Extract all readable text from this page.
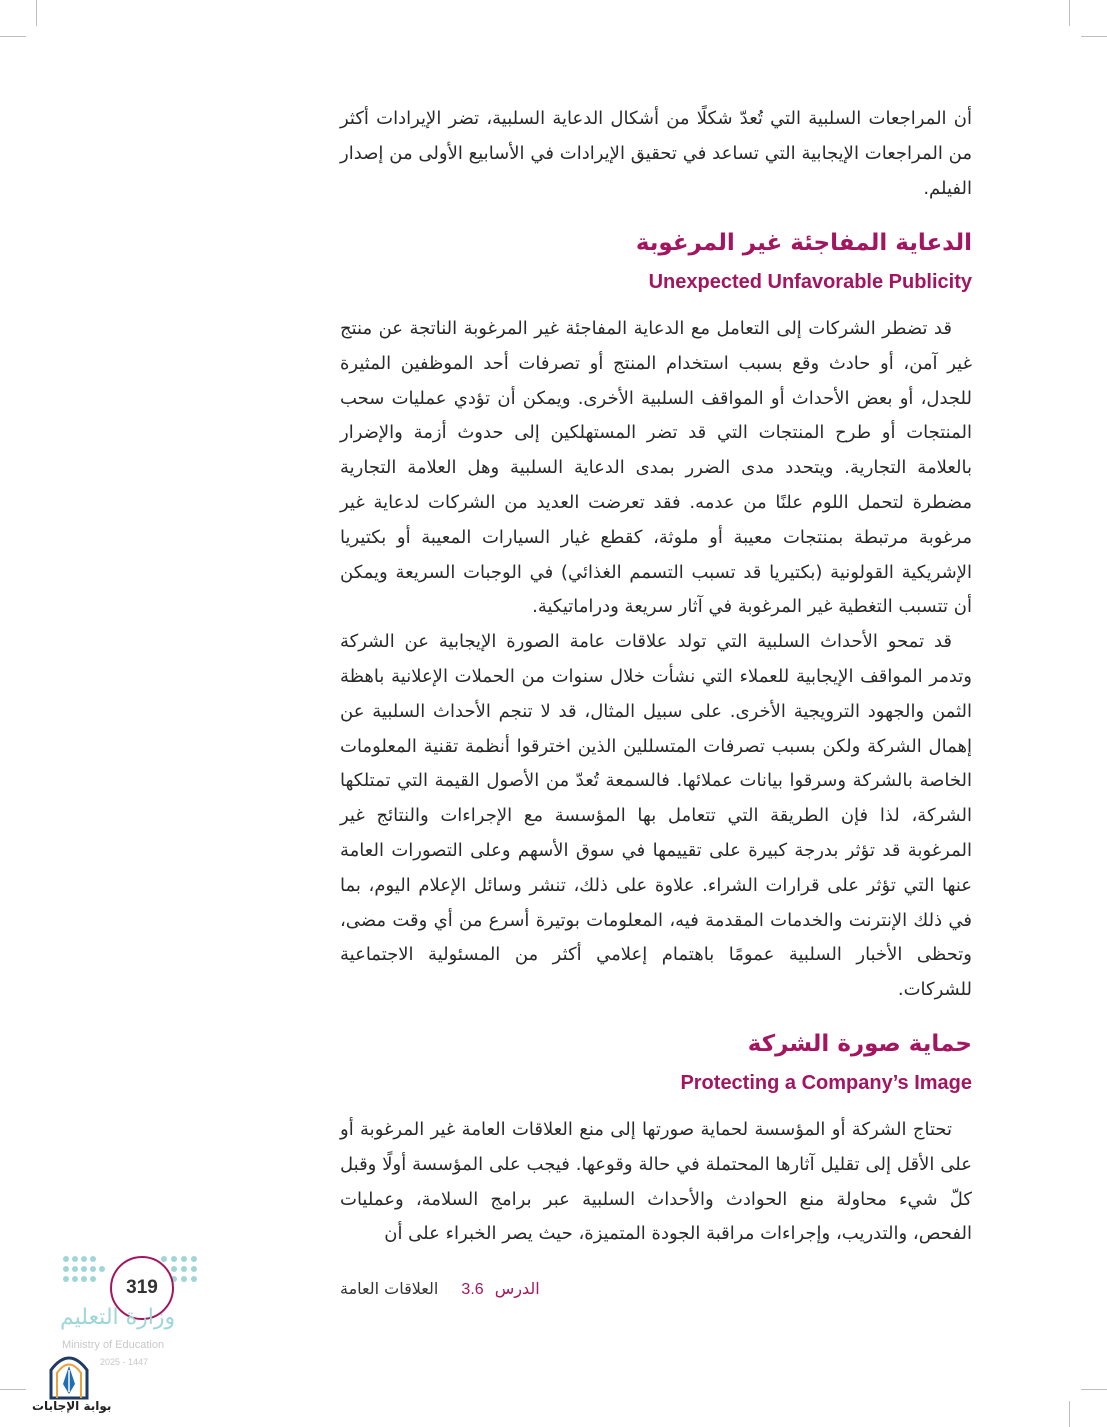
أن المراجعات السلبية التي تُعدّ شكلًا من أشكال الدعاية السلبية، تضر الإيرادات أكثر من المراجعات الإيجابية التي تساعد في تحقيق الإيرادات في الأسابيع الأولى من إصدار الفيلم.

الدعاية المفاجئة غير المرغوبة
Unexpected Unfavorable Publicity

قد تضطر الشركات إلى التعامل مع الدعاية المفاجئة غير المرغوبة الناتجة عن منتج غير آمن، أو حادث وقع بسبب استخدام المنتج أو تصرفات أحد الموظفين المثيرة للجدل، أو بعض الأحداث أو المواقف السلبية الأخرى. ويمكن أن تؤدي عمليات سحب المنتجات أو طرح المنتجات التي قد تضر المستهلكين إلى حدوث أزمة والإضرار بالعلامة التجارية. ويتحدد مدى الضرر بمدى الدعاية السلبية وهل العلامة التجارية مضطرة لتحمل اللوم علنًا من عدمه. فقد تعرضت العديد من الشركات لدعاية غير مرغوبة مرتبطة بمنتجات معيبة أو ملوثة، كقطع غيار السيارات المعيبة أو بكتيريا الإشريكية القولونية (بكتيريا قد تسبب التسمم الغذائي) في الوجبات السريعة ويمكن أن تتسبب التغطية غير المرغوبة في آثار سريعة ودراماتيكية.

قد تمحو الأحداث السلبية التي تولد علاقات عامة الصورة الإيجابية عن الشركة وتدمر المواقف الإيجابية للعملاء التي نشأت خلال سنوات من الحملات الإعلانية باهظة الثمن والجهود الترويجية الأخرى. على سبيل المثال، قد لا تنجم الأحداث السلبية عن إهمال الشركة ولكن بسبب تصرفات المتسللين الذين اخترقوا أنظمة تقنية المعلومات الخاصة بالشركة وسرقوا بيانات عملائها. فالسمعة تُعدّ من الأصول القيمة التي تمتلكها الشركة، لذا فإن الطريقة التي تتعامل بها المؤسسة مع الإجراءات والنتائج غير المرغوبة قد تؤثر بدرجة كبيرة على تقييمها في سوق الأسهم وعلى التصورات العامة عنها التي تؤثر على قرارات الشراء. علاوة على ذلك، تنشر وسائل الإعلام اليوم، بما في ذلك الإنترنت والخدمات المقدمة فيه، المعلومات بوتيرة أسرع من أي وقت مضى، وتحظى الأخبار السلبية عمومًا باهتمام إعلامي أكثر من المسئولية الاجتماعية للشركات.

حماية صورة الشركة
Protecting a Company’s Image

تحتاج الشركة أو المؤسسة لحماية صورتها إلى منع العلاقات العامة غير المرغوبة أو على الأقل إلى تقليل آثارها المحتملة في حالة وقوعها. فيجب على المؤسسة أولًا وقبل كلّ شيء محاولة منع الحوادث والأحداث السلبية عبر برامج السلامة، وعمليات الفحص، والتدريب، وإجراءات مراقبة الجودة المتميزة، حيث يصر الخبراء على أن

الدرس 3.6 العلاقات العامة
319
وزارة التعليم
Ministry of Education
2025 - 1447
بوابة الإجابات
